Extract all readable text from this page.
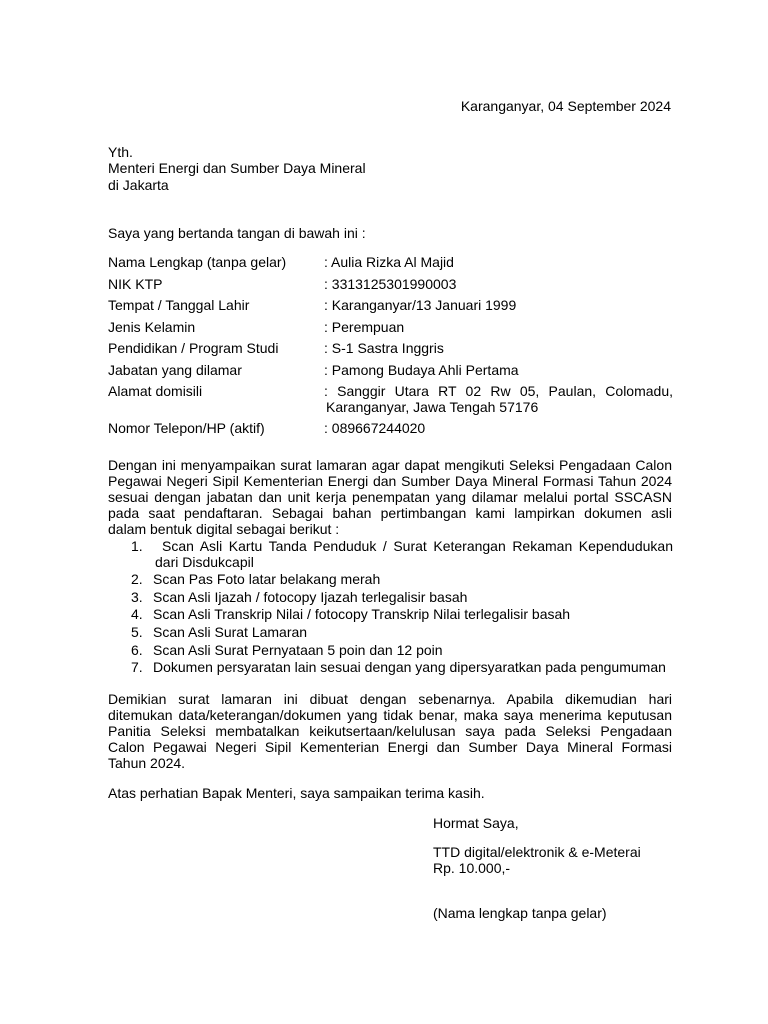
Karanganyar, 04 September 2024
Yth.
Menteri Energi dan Sumber Daya Mineral
di Jakarta
Saya yang bertanda tangan di bawah ini :
Nama Lengkap (tanpa gelar)	: Aulia Rizka Al Majid
NIK KTP	: 3313125301990003
Tempat / Tanggal Lahir	: Karanganyar/13 Januari 1999
Jenis Kelamin	: Perempuan
Pendidikan / Program Studi	: S-1 Sastra Inggris
Jabatan yang dilamar	: Pamong Budaya Ahli Pertama
Alamat domisili	: Sanggir Utara RT 02 Rw 05, Paulan, Colomadu,
Karanganyar, Jawa Tengah 57176
Nomor Telepon/HP (aktif)	: 089667244020
Dengan ini menyampaikan surat lamaran agar dapat mengikuti Seleksi Pengadaan Calon
Pegawai Negeri Sipil Kementerian Energi dan Sumber Daya Mineral Formasi Tahun 2024
sesuai dengan jabatan dan unit kerja penempatan yang dilamar melalui portal SSCASN
pada saat pendaftaran. Sebagai bahan pertimbangan kami lampirkan dokumen asli
dalam bentuk digital sebagai berikut :
1. Scan Asli Kartu Tanda Penduduk / Surat Keterangan Rekaman Kependudukan
dari Disdukcapil
2. Scan Pas Foto latar belakang merah
3. Scan Asli Ijazah / fotocopy Ijazah terlegalisir basah
4. Scan Asli Transkrip Nilai / fotocopy Transkrip Nilai terlegalisir basah
5. Scan Asli Surat Lamaran
6. Scan Asli Surat Pernyataan 5 poin dan 12 poin
7. Dokumen persyaratan lain sesuai dengan yang dipersyaratkan pada pengumuman
Demikian surat lamaran ini dibuat dengan sebenarnya. Apabila dikemudian hari
ditemukan data/keterangan/dokumen yang tidak benar, maka saya menerima keputusan
Panitia Seleksi membatalkan keikutsertaan/kelulusan saya pada Seleksi Pengadaan
Calon Pegawai Negeri Sipil Kementerian Energi dan Sumber Daya Mineral Formasi
Tahun 2024.
Atas perhatian Bapak Menteri, saya sampaikan terima kasih.
Hormat Saya,
TTD digital/elektronik & e-Meterai
Rp. 10.000,-
(Nama lengkap tanpa gelar)
